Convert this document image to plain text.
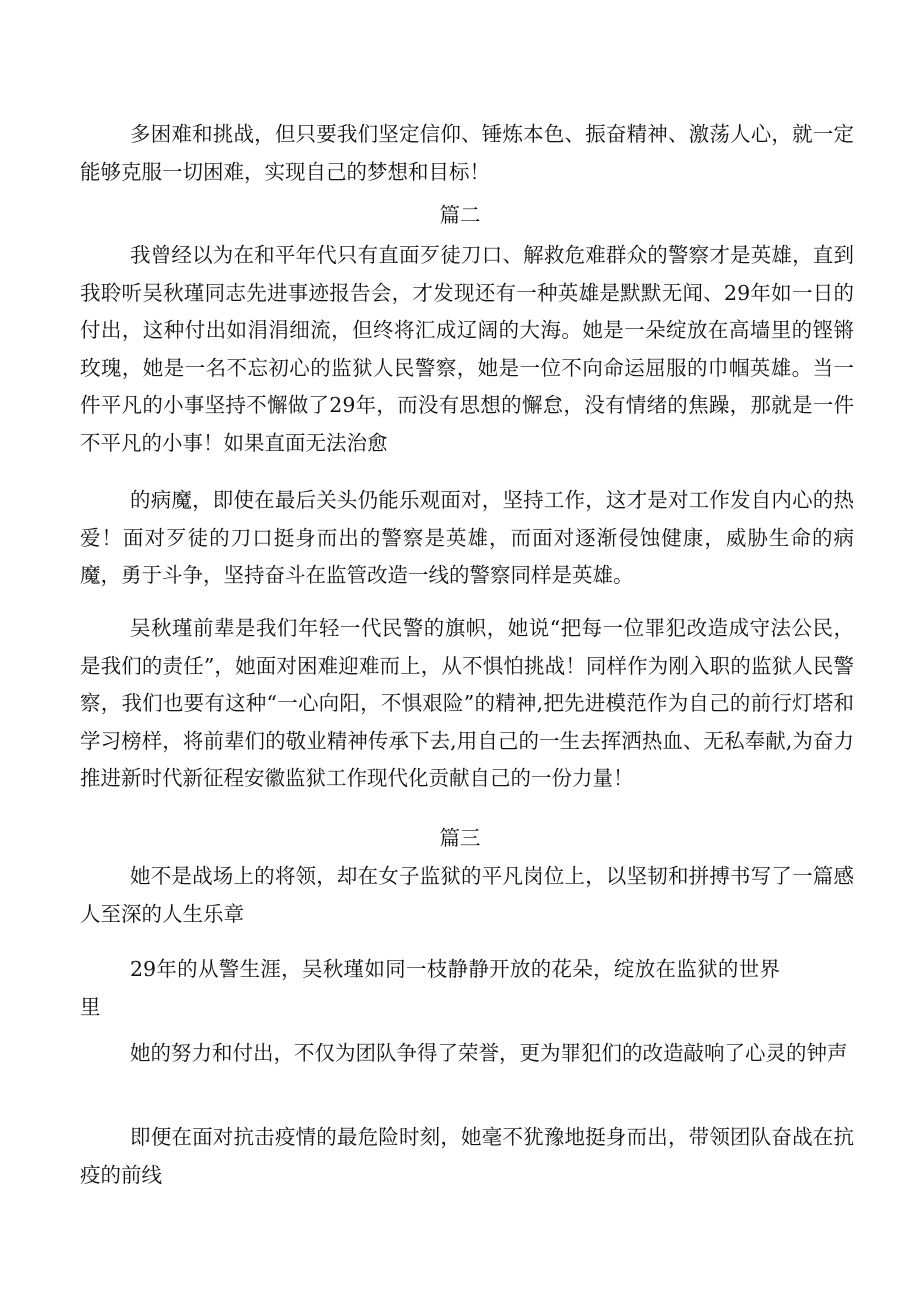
多困难和挑战，但只要我们坚定信仰、锤炼本色、振奋精神、激荡人心，就一定能够克服一切困难，实现自己的梦想和目标！

篇二

我曾经以为在和平年代只有直面歹徒刀口、解救危难群众的警察才是英雄，直到我聆听吴秋瑾同志先进事迹报告会，才发现还有一种英雄是默默无闻、29年如一日的付出，这种付出如涓涓细流，但终将汇成辽阔的大海。她是一朵绽放在高墙里的铿锵玫瑰，她是一名不忘初心的监狱人民警察，她是一位不向命运屈服的巾帼英雄。当一件平凡的小事坚持不懈做了29年，而没有思想的懈怠，没有情绪的焦躁，那就是一件不平凡的小事！如果直面无法治愈

的病魔，即使在最后关头仍能乐观面对，坚持工作，这才是对工作发自内心的热爱！面对歹徒的刀口挺身而出的警察是英雄，而面对逐渐侵蚀健康，威胁生命的病魔，勇于斗争，坚持奋斗在监管改造一线的警察同样是英雄。

吴秋瑾前辈是我们年轻一代民警的旗帜，她说“把每一位罪犯改造成守法公民，是我们的责任”，她面对困难迎难而上，从不惧怕挑战！同样作为刚入职的监狱人民警察，我们也要有这种“一心向阳，不惧艰险”的精神,把先进模范作为自己的前行灯塔和学习榜样，将前辈们的敬业精神传承下去,用自己的一生去挥洒热血、无私奉献,为奋力推进新时代新征程安徽监狱工作现代化贡献自己的一份力量！

篇三

她不是战场上的将领，却在女子监狱的平凡岗位上，以坚韧和拼搏书写了一篇感人至深的人生乐章

29年的从警生涯，吴秋瑾如同一枝静静开放的花朵，绽放在监狱的世界里

她的努力和付出，不仅为团队争得了荣誉，更为罪犯们的改造敲响了心灵的钟声

即便在面对抗击疫情的最危险时刻，她毫不犹豫地挺身而出，带领团队奋战在抗疫的前线
